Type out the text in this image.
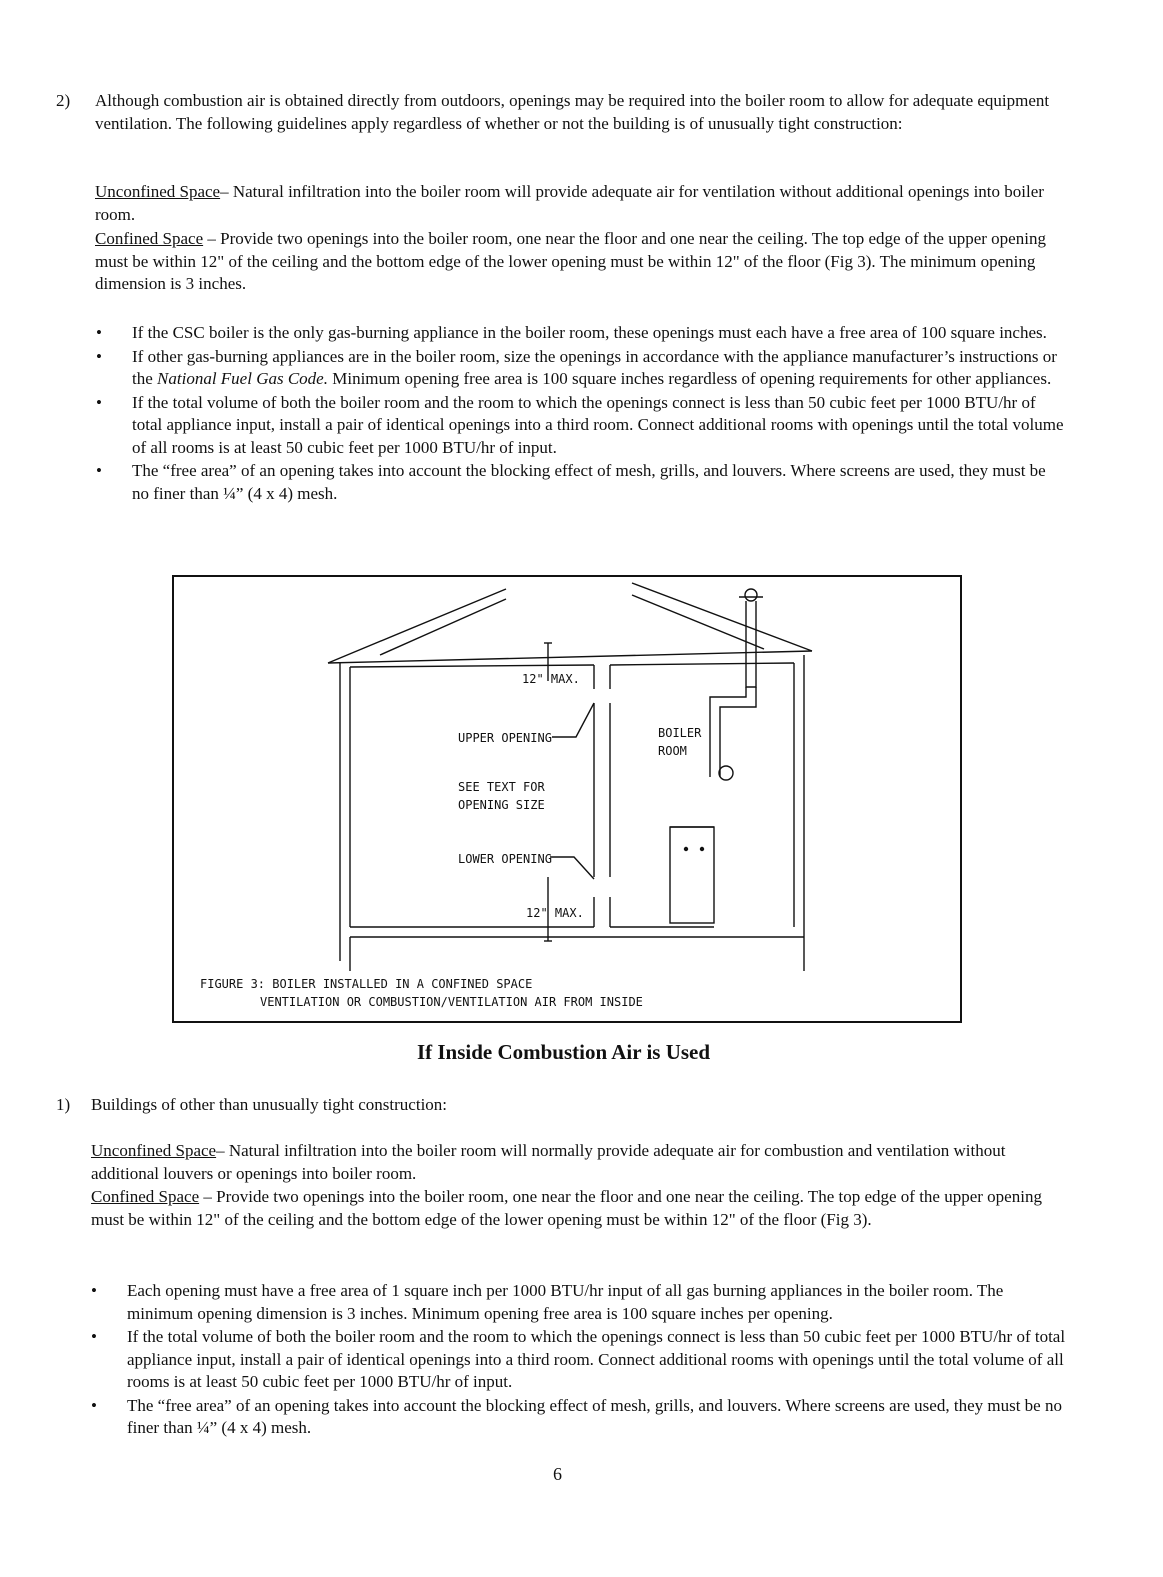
2) Although combustion air is obtained directly from outdoors, openings may be required into the boiler room to allow for adequate equipment ventilation. The following guidelines apply regardless of whether or not the building is of unusually tight construction:

Unconfined Space– Natural infiltration into the boiler room will provide adequate air for ventilation without additional openings into boiler room.

Confined Space – Provide two openings into the boiler room, one near the floor and one near the ceiling. The top edge of the upper opening must be within 12" of the ceiling and the bottom edge of the lower opening must be within 12" of the floor (Fig 3). The minimum opening dimension is 3 inches.

• If the CSC boiler is the only gas-burning appliance in the boiler room, these openings must each have a free area of 100 square inches.
• If other gas-burning appliances are in the boiler room, size the openings in accordance with the appliance manufacturer’s instructions or the National Fuel Gas Code. Minimum opening free area is 100 square inches regardless of opening requirements for other appliances.
• If the total volume of both the boiler room and the room to which the openings connect is less than 50 cubic feet per 1000 BTU/hr of total appliance input, install a pair of identical openings into a third room. Connect additional rooms with openings until the total volume of all rooms is at least 50 cubic feet per 1000 BTU/hr of input.
• The “free area” of an opening takes into account the blocking effect of mesh, grills, and louvers. Where screens are used, they must be no finer than ¼” (4 x 4) mesh.
12" MAX.
UPPER OPENING
SEE TEXT FOR
OPENING SIZE
LOWER OPENING
12" MAX.
BOILER
ROOM
FIGURE 3: BOILER INSTALLED IN A CONFINED SPACE
VENTILATION OR COMBUSTION/VENTILATION AIR FROM INSIDE
If Inside Combustion Air is Used
1) Buildings of other than unusually tight construction:

Unconfined Space– Natural infiltration into the boiler room will normally provide adequate air for combustion and ventilation without additional louvers or openings into boiler room.

Confined Space – Provide two openings into the boiler room, one near the floor and one near the ceiling. The top edge of the upper opening must be within 12" of the ceiling and the bottom edge of the lower opening must be within 12" of the floor (Fig 3).

• Each opening must have a free area of 1 square inch per 1000 BTU/hr input of all gas burning appliances in the boiler room. The minimum opening dimension is 3 inches. Minimum opening free area is 100 square inches per opening.
• If the total volume of both the boiler room and the room to which the openings connect is less than 50 cubic feet per 1000 BTU/hr of total appliance input, install a pair of identical openings into a third room. Connect additional rooms with openings until the total volume of all rooms is at least 50 cubic feet per 1000 BTU/hr of input.
• The “free area” of an opening takes into account the blocking effect of mesh, grills, and louvers. Where screens are used, they must be no finer than ¼” (4 x 4) mesh.
6
